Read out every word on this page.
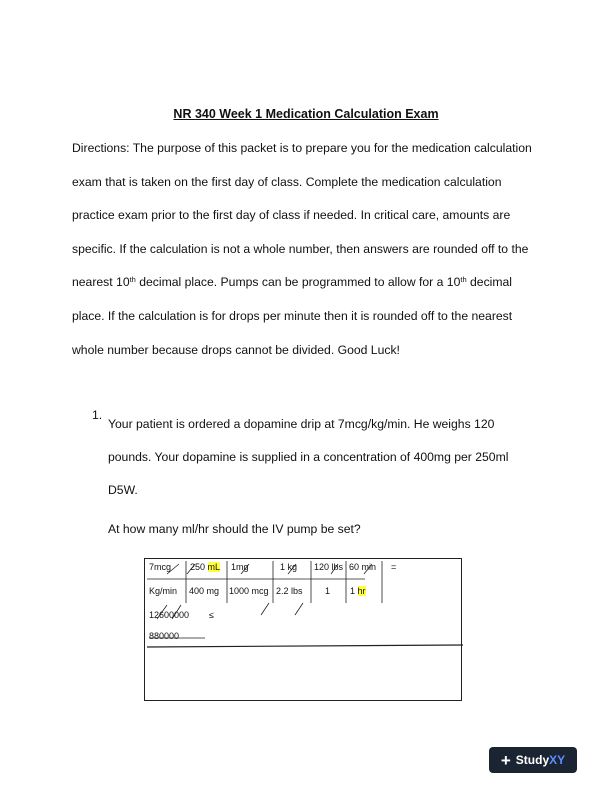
NR 340 Week 1 Medication Calculation Exam

Directions: The purpose of this packet is to prepare you for the medication calculation

exam that is taken on the first day of class. Complete the medication calculation

practice exam prior to the first day of class if needed. In critical care, amounts are

specific. If the calculation is not a whole number, then answers are rounded off to the

nearest 10th decimal place. Pumps can be programmed to allow for a 10th decimal

place. If the calculation is for drops per minute then it is rounded off to the nearest

whole number because drops cannot be divided. Good Luck!

1.

Your patient is ordered a dopamine drip at 7mcg/kg/min. He weighs 120

pounds. Your dopamine is supplied in a concentration of 400mg per 250ml

D5W.

At how many ml/hr should the IV pump be set?
7mcg 250 mL 1mg	1 kg 120 lbs 60 min =
Kg/min 400 mg 1000 mcg 2.2 lbs 1 1 hr
12600000 ≤
880000
+ StudyXY
